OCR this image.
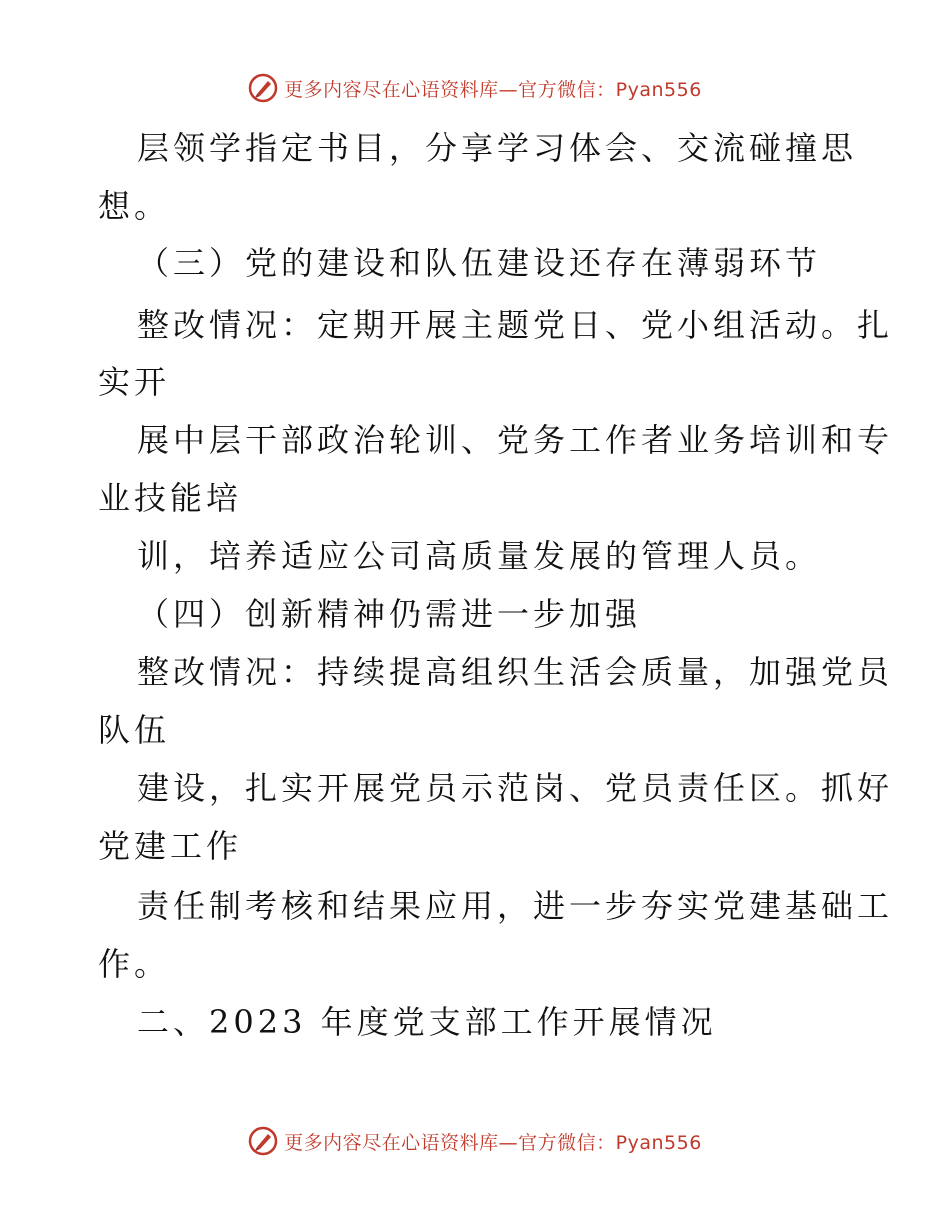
更多内容尽在心语资料库—官方微信：Pyan556
层领学指定书目，分享学习体会、交流碰撞思
想。
（三）党的建设和队伍建设还存在薄弱环节
整改情况：定期开展主题党日、党小组活动。扎
实开
展中层干部政治轮训、党务工作者业务培训和专
业技能培
训，培养适应公司高质量发展的管理人员。
（四）创新精神仍需进一步加强
整改情况：持续提高组织生活会质量，加强党员
队伍
建设，扎实开展党员示范岗、党员责任区。抓好
党建工作
责任制考核和结果应用，进一步夯实党建基础工
作。
二、2023 年度党支部工作开展情况
更多内容尽在心语资料库—官方微信：Pyan556
